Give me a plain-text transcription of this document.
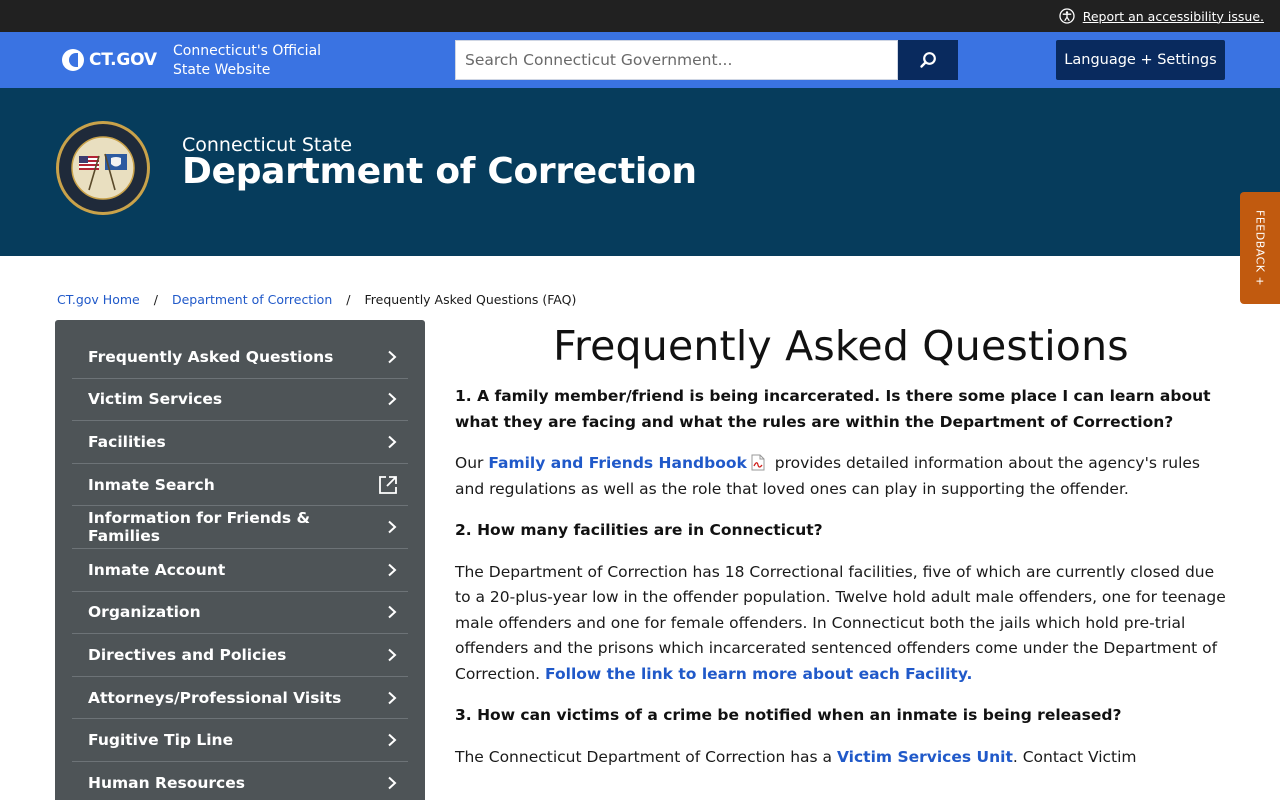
Report an accessibility issue.
CT.GOV Connecticut's Official
State Website
Search Connecticut Government...
Language + Settings
Connecticut State
Department of Correction
FEEDBACK +
CT.gov Home / Department of Correction / Frequently Asked Questions (FAQ)
Frequently Asked Questions
Victim Services
Facilities
Inmate Search
Information for Friends & Families
Inmate Account
Organization
Directives and Policies
Attorneys/Professional Visits
Fugitive Tip Line
Human Resources
Frequently Asked Questions
1. A family member/friend is being incarcerated. Is there some place I can learn about what they are facing and what the rules are within the Department of Correction?
Our Family and Friends Handbook provides detailed information about the agency's rules and regulations as well as the role that loved ones can play in supporting the offender.
2. How many facilities are in Connecticut?
The Department of Correction has 18 Correctional facilities, five of which are currently closed due to a 20-plus-year low in the offender population. Twelve hold adult male offenders, one for teenage male offenders and one for female offenders. In Connecticut both the jails which hold pre-trial offenders and the prisons which incarcerated sentenced offenders come under the Department of Correction. Follow the link to learn more about each Facility.
3. How can victims of a crime be notified when an inmate is being released?
The Connecticut Department of Correction has a Victim Services Unit. Contact Victim
